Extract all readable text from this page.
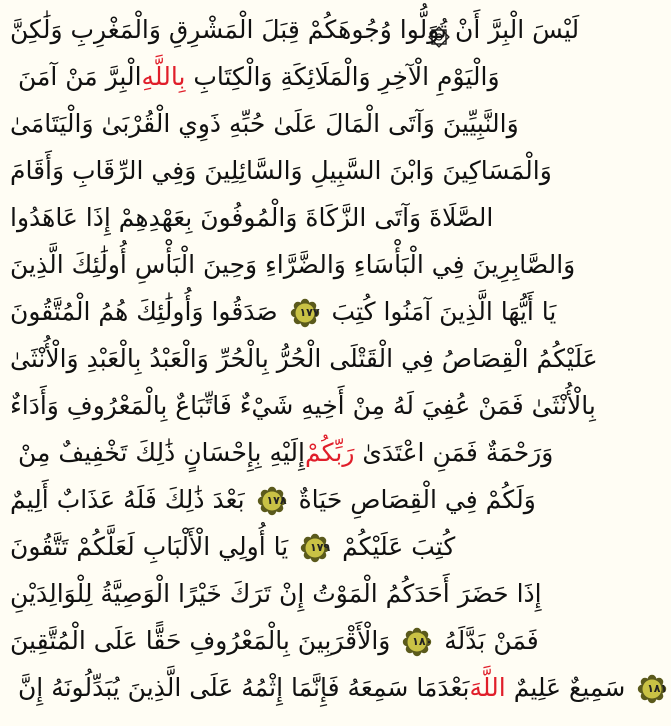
لَيْسَ الْبِرَّ أَنْ تُوَلُّوا وُجُوهَكُمْ قِبَلَ الْمَشْرِقِ وَالْمَغْرِبِ وَلَٰكِنَّ
الْبِرَّ مَنْ آمَنَ بِاللَّهِ وَالْيَوْمِ الْآخِرِ وَالْمَلَائِكَةِ وَالْكِتَابِ
وَالنَّبِيِّينَ وَآتَى الْمَالَ عَلَىٰ حُبِّهِ ذَوِي الْقُرْبَىٰ وَالْيَتَامَىٰ
وَالْمَسَاكِينَ وَابْنَ السَّبِيلِ وَالسَّائِلِينَ وَفِي الرِّقَابِ وَأَقَامَ
الصَّلَاةَ وَآتَى الزَّكَاةَ وَالْمُوفُونَ بِعَهْدِهِمْ إِذَا عَاهَدُوا
وَالصَّابِرِينَ فِي الْبَأْسَاءِ وَالضَّرَّاءِ وَحِينَ الْبَأْسِ أُولَٰئِكَ الَّذِينَ
صَدَقُوا وَأُولَٰئِكَ هُمُ الْمُتَّقُونَ	١٧٧ يَا أَيُّهَا الَّذِينَ آمَنُوا كُتِبَ
عَلَيْكُمُ الْقِصَاصُ فِي الْقَتْلَى الْحُرُّ بِالْحُرِّ وَالْعَبْدُ بِالْعَبْدِ وَالْأُنْثَىٰ
بِالْأُنْثَىٰ فَمَنْ عُفِيَ لَهُ مِنْ أَخِيهِ شَيْءٌ فَاتِّبَاعٌ بِالْمَعْرُوفِ وَأَدَاءٌ
إِلَيْهِ بِإِحْسَانٍ ذَٰلِكَ تَخْفِيفٌ مِنْ رَبِّكُمْ وَرَحْمَةٌ فَمَنِ اعْتَدَىٰ
بَعْدَ ذَٰلِكَ فَلَهُ عَذَابٌ أَلِيمٌ	١٧٨ وَلَكُمْ فِي الْقِصَاصِ حَيَاةٌ
يَا أُولِي الْأَلْبَابِ لَعَلَّكُمْ تَتَّقُونَ	١٧٩ كُتِبَ عَلَيْكُمْ
إِذَا حَضَرَ أَحَدَكُمُ الْمَوْتُ إِنْ تَرَكَ خَيْرًا الْوَصِيَّةُ لِلْوَالِدَيْنِ
وَالْأَقْرَبِينَ بِالْمَعْرُوفِ حَقًّا عَلَى الْمُتَّقِينَ	١٨٠ فَمَنْ بَدَّلَهُ
بَعْدَمَا سَمِعَهُ فَإِنَّمَا إِثْمُهُ عَلَى الَّذِينَ يُبَدِّلُونَهُ إِنَّ اللَّهَ سَمِيعٌ عَلِيمٌ	١٨١
